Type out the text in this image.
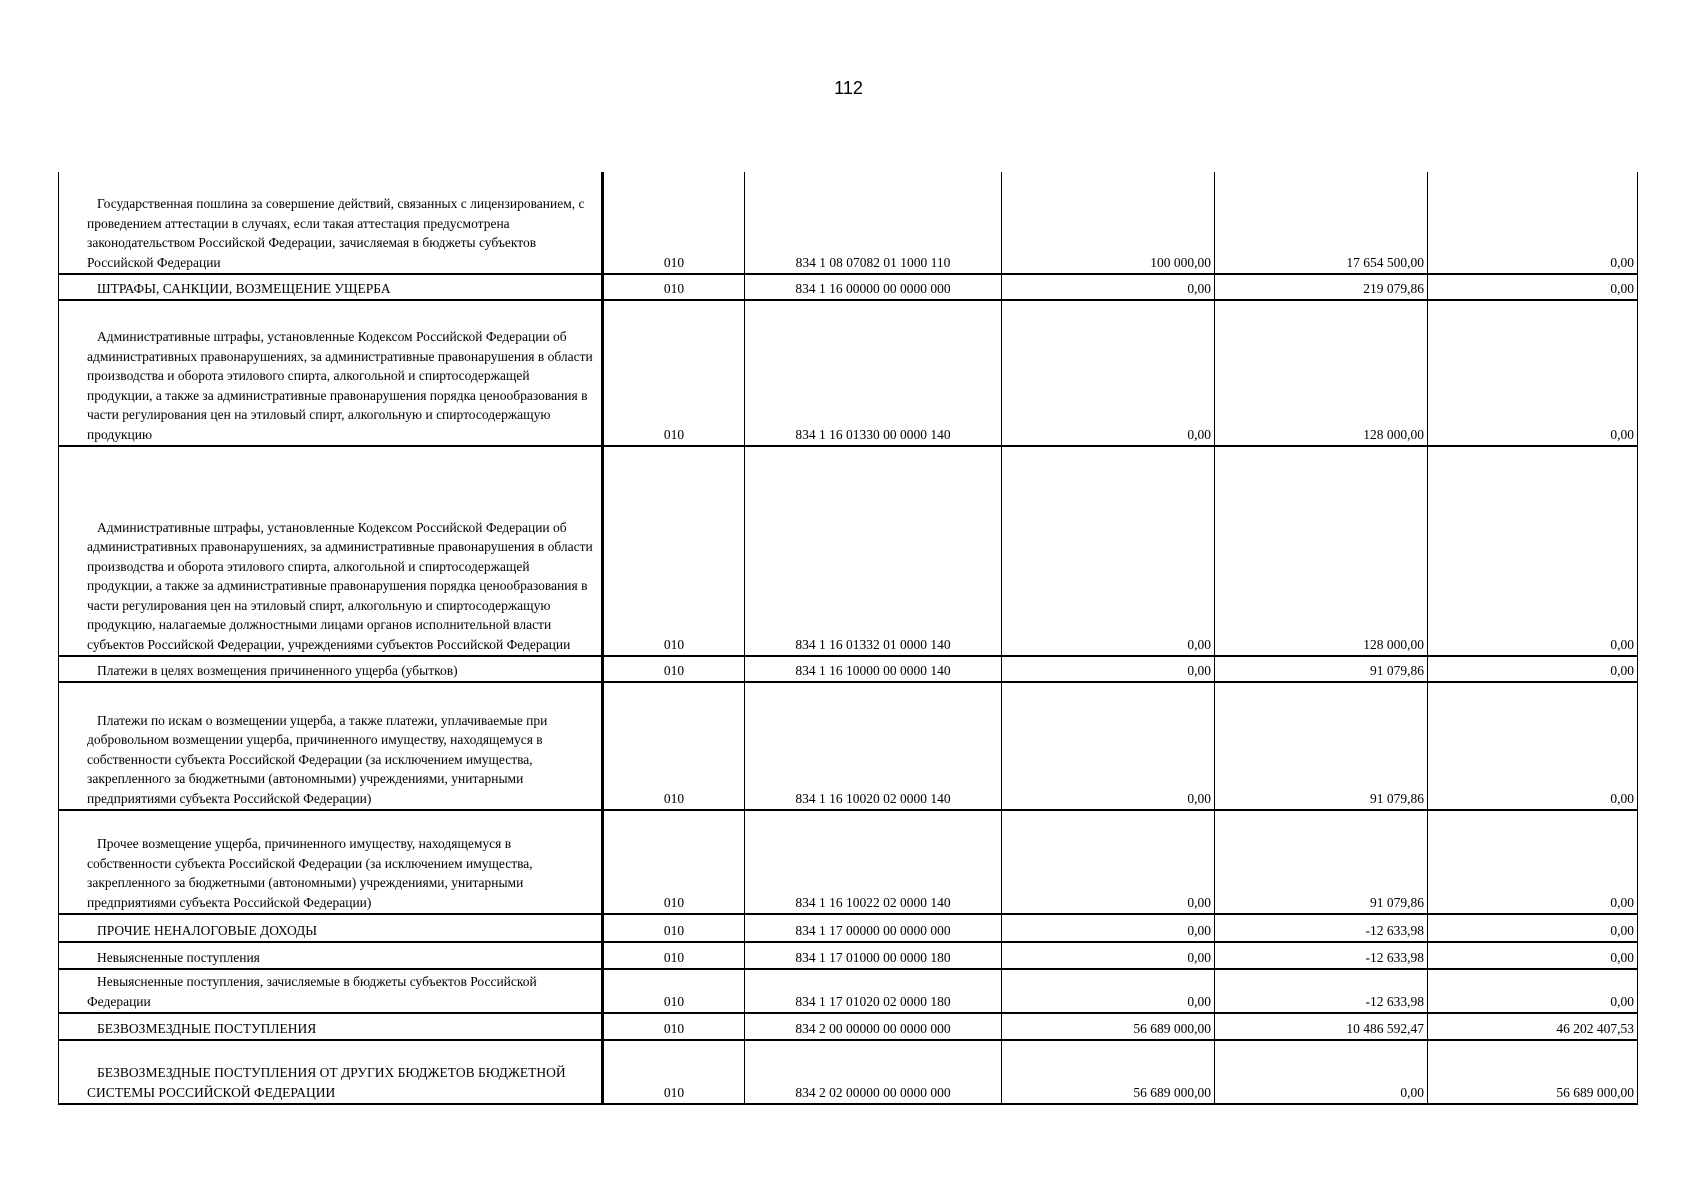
112
Государственная пошлина за совершение действий, связанных с лицензированием, с проведением аттестации в случаях, если такая аттестация предусмотрена законодательством Российской Федерации, зачисляемая в бюджеты субъектов Российской Федерации	010	834 1 08 07082 01 1000 110	100 000,00	17 654 500,00	0,00
ШТРАФЫ, САНКЦИИ, ВОЗМЕЩЕНИЕ УЩЕРБА	010	834 1 16 00000 00 0000 000	0,00	219 079,86	0,00
Административные штрафы, установленные Кодексом Российской Федерации об административных правонарушениях, за административные правонарушения в области производства и оборота этилового спирта, алкогольной и спиртосодержащей продукции, а также за административные правонарушения порядка ценообразования в части регулирования цен на этиловый спирт, алкогольную и спиртосодержащую продукцию	010	834 1 16 01330 00 0000 140	0,00	128 000,00	0,00
Административные штрафы, установленные Кодексом Российской Федерации об административных правонарушениях, за административные правонарушения в области производства и оборота этилового спирта, алкогольной и спиртосодержащей продукции, а также за административные правонарушения порядка ценообразования в части регулирования цен на этиловый спирт, алкогольную и спиртосодержащую продукцию, налагаемые должностными лицами органов исполнительной власти субъектов Российской Федерации, учреждениями субъектов Российской Федерации	010	834 1 16 01332 01 0000 140	0,00	128 000,00	0,00
Платежи в целях возмещения причиненного ущерба (убытков)	010	834 1 16 10000 00 0000 140	0,00	91 079,86	0,00
Платежи по искам о возмещении ущерба, а также платежи, уплачиваемые при добровольном возмещении ущерба, причиненного имуществу, находящемуся в собственности субъекта Российской Федерации (за исключением имущества, закрепленного за бюджетными (автономными) учреждениями, унитарными предприятиями субъекта Российской Федерации)	010	834 1 16 10020 02 0000 140	0,00	91 079,86	0,00
Прочее возмещение ущерба, причиненного имуществу, находящемуся в собственности субъекта Российской Федерации (за исключением имущества, закрепленного за бюджетными (автономными) учреждениями, унитарными предприятиями субъекта Российской Федерации)	010	834 1 16 10022 02 0000 140	0,00	91 079,86	0,00
ПРОЧИЕ НЕНАЛОГОВЫЕ ДОХОДЫ	010	834 1 17 00000 00 0000 000	0,00	-12 633,98	0,00
Невыясненные поступления	010	834 1 17 01000 00 0000 180	0,00	-12 633,98	0,00
Невыясненные поступления, зачисляемые в бюджеты субъектов Российской Федерации	010	834 1 17 01020 02 0000 180	0,00	-12 633,98	0,00
БЕЗВОЗМЕЗДНЫЕ ПОСТУПЛЕНИЯ	010	834 2 00 00000 00 0000 000	56 689 000,00	10 486 592,47	46 202 407,53
БЕЗВОЗМЕЗДНЫЕ ПОСТУПЛЕНИЯ ОТ ДРУГИХ БЮДЖЕТОВ БЮДЖЕТНОЙ СИСТЕМЫ РОССИЙСКОЙ ФЕДЕРАЦИИ	010	834 2 02 00000 00 0000 000	56 689 000,00	0,00	56 689 000,00
